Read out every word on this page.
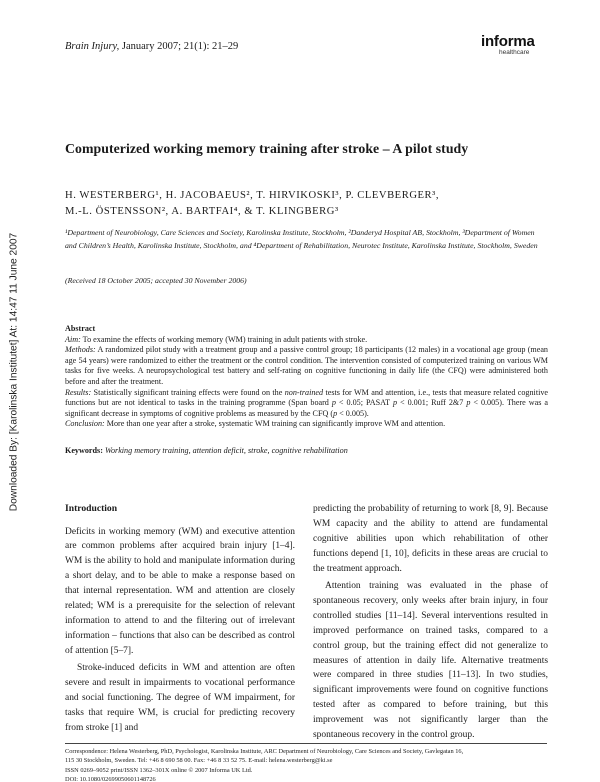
Downloaded By: [Karolinska Institutet] At: 14:47 11 June 2007
Brain Injury, January 2007; 21(1): 21–29	informa
healthcare
Computerized working memory training after stroke – A pilot study
H. WESTERBERG¹, H. JACOBAEUS², T. HIRVIKOSKI³, P. CLEVBERGER³,
M.-L. ÖSTENSSON², A. BARTFAI⁴, & T. KLINGBERG³
¹Department of Neurobiology, Care Sciences and Society, Karolinska Institute, Stockholm, ²Danderyd Hospital AB, Stockholm, ³Department of Women and Children’s Health, Karolinska Institute, Stockholm, and ⁴Department of Rehabilitation, Neurotec Institute, Karolinska Institute, Stockholm, Sweden
(Received 18 October 2005; accepted 30 November 2006)

Abstract

Aim: To examine the effects of working memory (WM) training in adult patients with stroke.

Methods: A randomized pilot study with a treatment group and a passive control group; 18 participants (12 males) in a vocational age group (mean age 54 years) were randomized to either the treatment or the control condition. The intervention consisted of computerized training on various WM tasks for five weeks. A neuropsychological test battery and self-rating on cognitive functioning in daily life (the CFQ) were administered both before and after the treatment.

Results: Statistically significant training effects were found on the non-trained tests for WM and attention, i.e., tests that measure related cognitive functions but are not identical to tasks in the training programme (Span board p < 0.05; PASAT p < 0.001; Ruff 2&7 p < 0.005). There was a significant decrease in symptoms of cognitive problems as measured by the CFQ (p < 0.005).

Conclusion: More than one year after a stroke, systematic WM training can significantly improve WM and attention.

Keywords: Working memory training, attention deficit, stroke, cognitive rehabilitation
Introduction

Deficits in working memory (WM) and executive attention are common problems after acquired brain injury [1–4]. WM is the ability to hold and manipulate information during a short delay, and to be able to make a response based on that internal representation. WM and attention are closely related; WM is a prerequisite for the selection of relevant information to attend to and the filtering out of irrelevant information – functions that also can be described as control of attention [5–7].

Stroke-induced deficits in WM and attention are often severe and result in impairments to vocational performance and social functioning. The degree of WM impairment, for tasks that require WM, is crucial for predicting recovery from stroke [1] and

predicting the probability of returning to work [8, 9]. Because WM capacity and the ability to attend are fundamental cognitive abilities upon which rehabilitation of other functions depend [1, 10], deficits in these areas are crucial to the treatment approach.

Attention training was evaluated in the phase of spontaneous recovery, only weeks after brain injury, in four controlled studies [11–14]. Several interventions resulted in improved performance on trained tasks, compared to a control group, but the training effect did not generalize to measures of attention in daily life. Alternative treatments were compared in three studies [11–13]. In two studies, significant improvements were found on cognitive functions tested after as compared to before training, but this improvement was not significantly larger than the spontaneous recovery in the control group.

Correspondence: Helena Westerberg, PhD, Psychologist, Karolinska Institute, ARC Department of Neurobiology, Care Sciences and Society, Gavlegatan 16,
115 30 Stockholm, Sweden. Tel: +46 8 690 58 00. Fax: +46 8 33 52 75. E-mail: helena.westerberg@ki.se
ISSN 0269–9052 print/ISSN 1362–301X online © 2007 Informa UK Ltd.
DOI: 10.1080/02699050601148726
